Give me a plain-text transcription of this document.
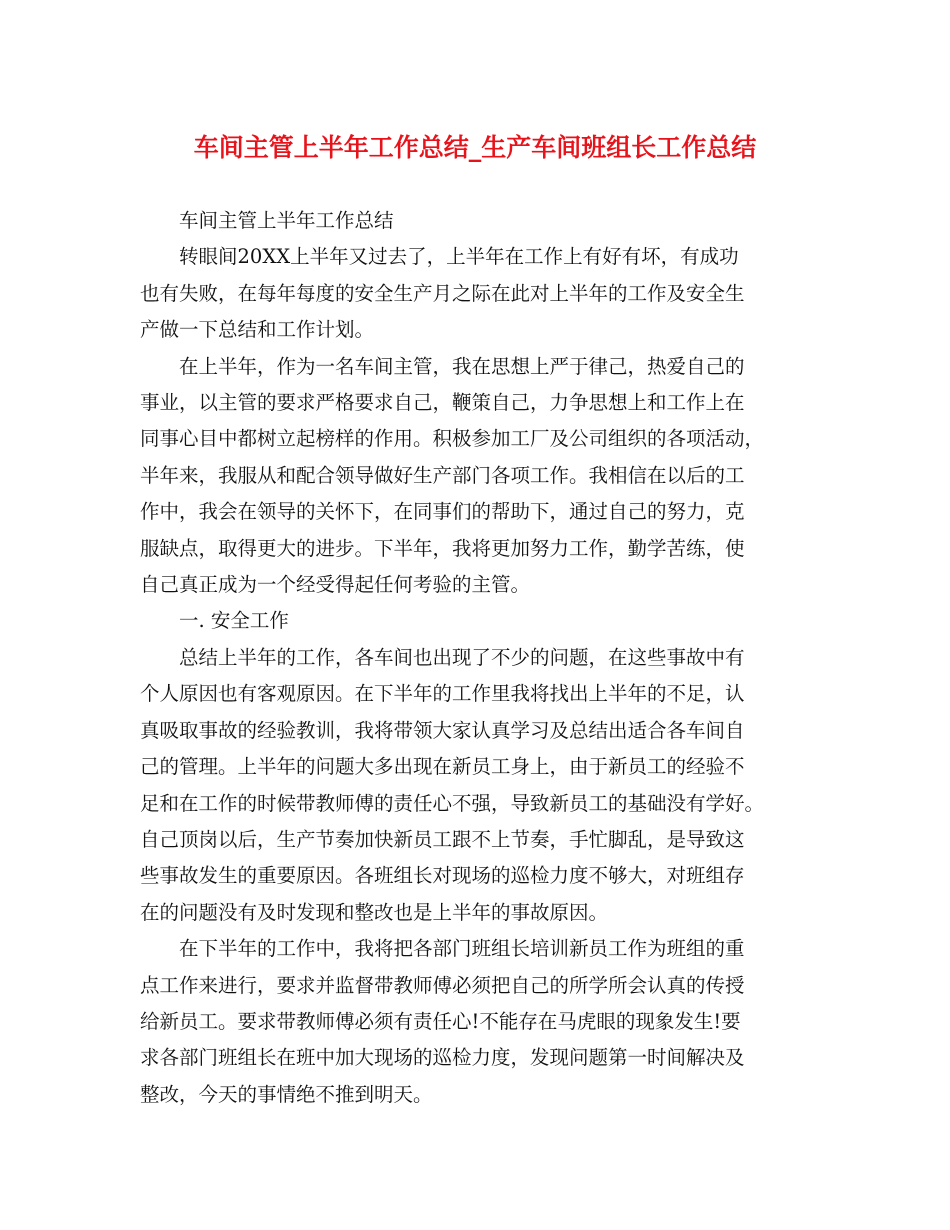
车间主管上半年工作总结_生产车间班组长工作总结

车间主管上半年工作总结

转眼间20XX上半年又过去了，上半年在工作上有好有坏，有成功
也有失败，在每年每度的安全生产月之际在此对上半年的工作及安全生
产做一下总结和工作计划。

在上半年，作为一名车间主管，我在思想上严于律己，热爱自己的
事业，以主管的要求严格要求自己，鞭策自己，力争思想上和工作上在
同事心目中都树立起榜样的作用。积极参加工厂及公司组织的各项活动，
半年来，我服从和配合领导做好生产部门各项工作。我相信在以后的工
作中，我会在领导的关怀下，在同事们的帮助下，通过自己的努力，克
服缺点，取得更大的进步。下半年，我将更加努力工作，勤学苦练，使
自己真正成为一个经受得起任何考验的主管。

一. 安全工作

总结上半年的工作，各车间也出现了不少的问题，在这些事故中有
个人原因也有客观原因。在下半年的工作里我将找出上半年的不足，认
真吸取事故的经验教训，我将带领大家认真学习及总结出适合各车间自
己的管理。上半年的问题大多出现在新员工身上，由于新员工的经验不
足和在工作的时候带教师傅的责任心不强，导致新员工的基础没有学好。
自己顶岗以后，生产节奏加快新员工跟不上节奏，手忙脚乱，是导致这
些事故发生的重要原因。各班组长对现场的巡检力度不够大，对班组存
在的问题没有及时发现和整改也是上半年的事故原因。

在下半年的工作中，我将把各部门班组长培训新员工作为班组的重
点工作来进行，要求并监督带教师傅必须把自己的所学所会认真的传授
给新员工。要求带教师傅必须有责任心!不能存在马虎眼的现象发生!要
求各部门班组长在班中加大现场的巡检力度，发现问题第一时间解决及
整改，今天的事情绝不推到明天。
